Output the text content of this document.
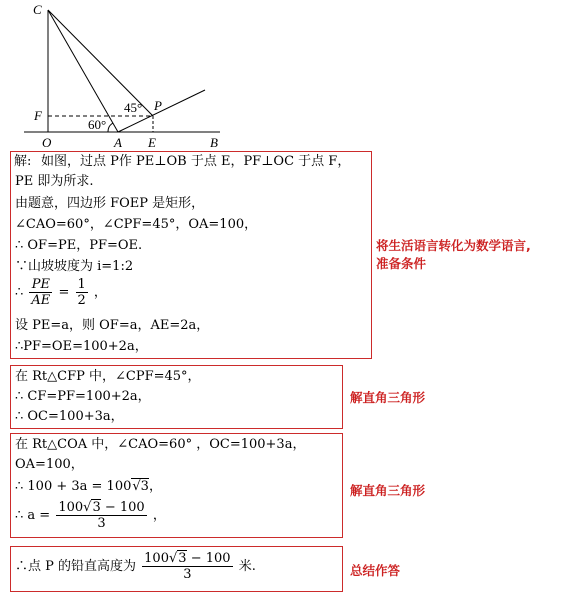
C
F
O	A E	B
P
45°
60°
解: 如图，过点 P作 PE⊥OB 于点 E，PF⊥OC 于点 F，
PE 即为所求.
由题意，四边形 FOEP 是矩形，
∠CAO=60°，∠CPF=45°，OA=100，
∴ OF=PE，PF=OE.
∵山坡坡度为 i=1:2
∴ $\frac{PE}{AE} = \frac{1}{2}$ ，
设 PE=a，则 OF=a，AE=2a，
∴PF=OE=100+2a，
将生活语言转化为数学语言,
准备条件
在 Rt△CFP 中，∠CPF=45°，
∴ CF=PF=100+2a，
∴ OC=100+3a，
解直角三角形
在 Rt△COA 中，∠CAO=60° ，OC=100+3a，
OA=100，
∴ 100 + 3a = 100√3，
∴ $a = \frac{100√3 - 100}{3}$ ，
解直角三角形
∴点 P 的铅直高度为 $\frac{100√3 - 100}{3}$ 米.	总结作答
